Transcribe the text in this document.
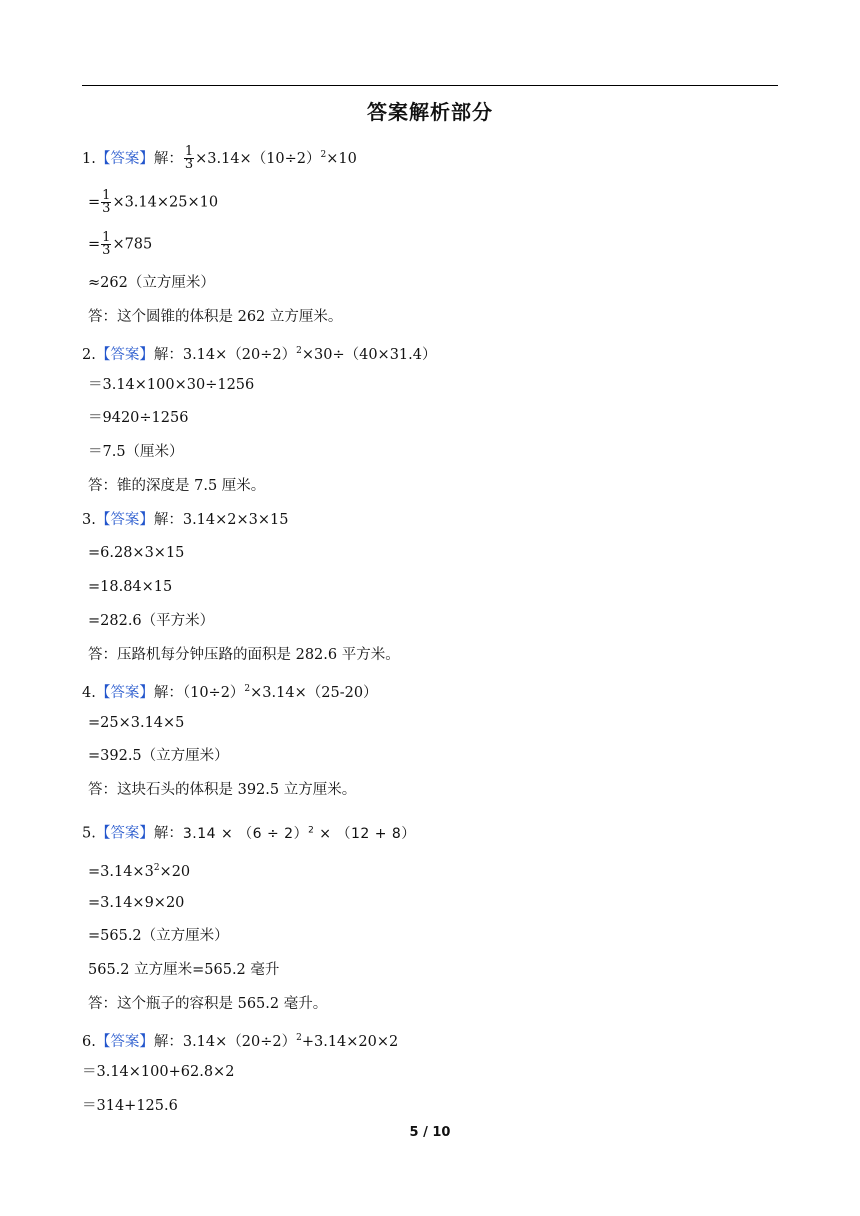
答案解析部分
1.【答案】解： $\frac{1}{3} \times 3.14\times(10\div 2)^2\times 10$
= $\frac{1}{3} \times 3.14\times 25\times 10$
= $\frac{1}{3} \times 785$
≈262（立方厘米）
答：这个圆锥的体积是 262 立方厘米。
2.【答案】解：$3.14\times(20\div 2)^2\times 30\div(40\times 31.4)$
＝3.14×100×30÷1256
＝9420÷1256
＝7.5（厘米）
答：锥的深度是 7.5 厘米。
3.【答案】解：3.14×2×3×15
=6.28×3×15
=18.84×15
=282.6（平方米）
答：压路机每分钟压路的面积是 282.6 平方米。
4.【答案】解：$(10\div 2)^2\times 3.14\times(25-20)$
=25×3.14×5
=392.5（立方厘米）
答：这块石头的体积是 392.5 立方厘米。
5.【答案】解：$3.14 \times (6 \div 2)^2 \times (12 + 8)$
$=3.14\times 3^2\times 20$
=3.14×9×20
=565.2（立方厘米）
565.2 立方厘米=565.2 毫升
答：这个瓶子的容积是 565.2 毫升。
6.【答案】解：$3.14\times(20\div 2)^2+3.14\times 20\times 2$
＝3.14×100+62.8×2
＝314+125.6
5 / 10
